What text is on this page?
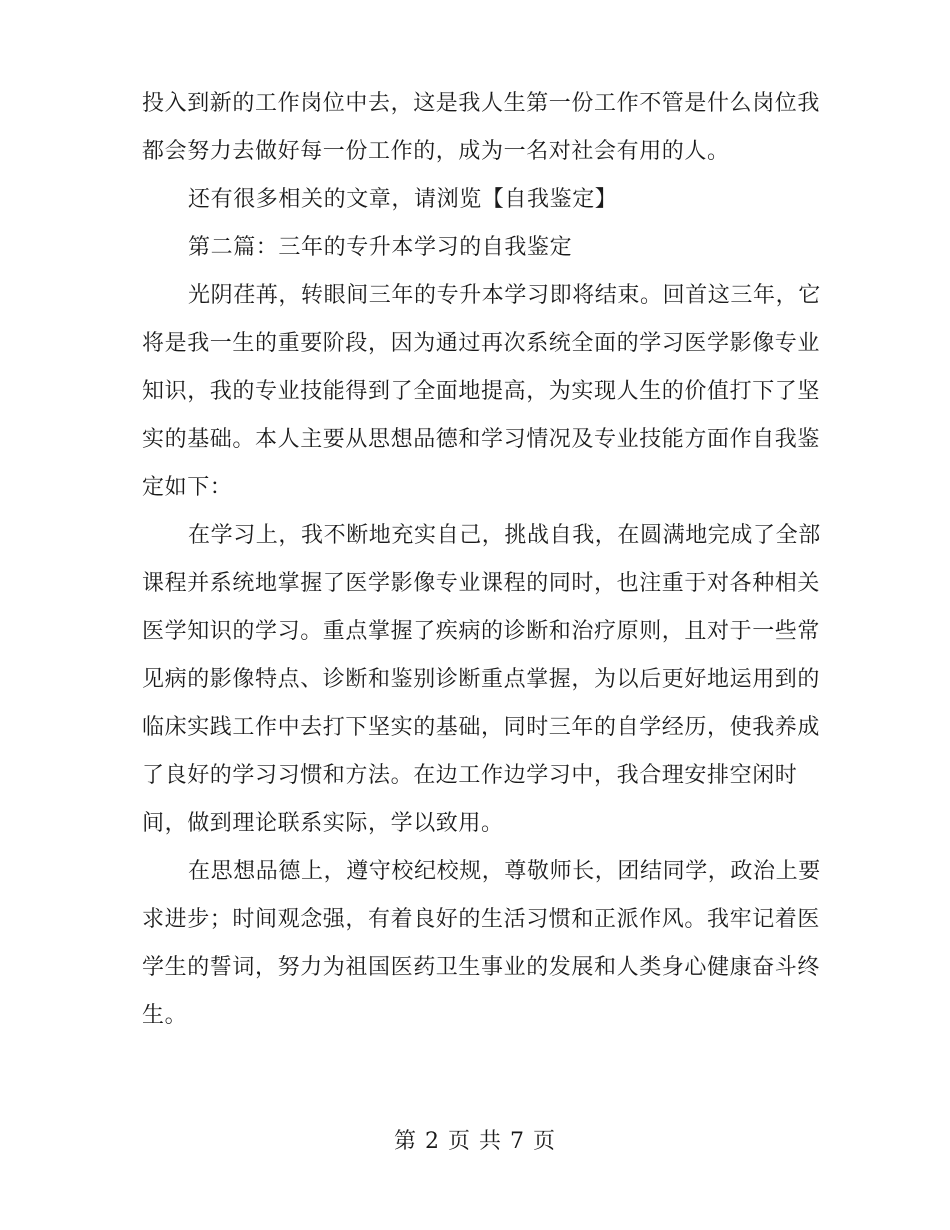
投入到新的工作岗位中去，这是我人生第一份工作不管是什么岗位我
都会努力去做好每一份工作的，成为一名对社会有用的人。
还有很多相关的文章，请浏览【自我鉴定】
第二篇：三年的专升本学习的自我鉴定
光阴荏苒，转眼间三年的专升本学习即将结束。回首这三年，它
将是我一生的重要阶段，因为通过再次系统全面的学习医学影像专业
知识，我的专业技能得到了全面地提高，为实现人生的价值打下了坚
实的基础。本人主要从思想品德和学习情况及专业技能方面作自我鉴
定如下：
在学习上，我不断地充实自己，挑战自我，在圆满地完成了全部
课程并系统地掌握了医学影像专业课程的同时，也注重于对各种相关
医学知识的学习。重点掌握了疾病的诊断和治疗原则，且对于一些常
见病的影像特点、诊断和鉴别诊断重点掌握，为以后更好地运用到的
临床实践工作中去打下坚实的基础，同时三年的自学经历，使我养成
了良好的学习习惯和方法。在边工作边学习中，我合理安排空闲时
间，做到理论联系实际，学以致用。
在思想品德上，遵守校纪校规，尊敬师长，团结同学，政治上要
求进步；时间观念强，有着良好的生活习惯和正派作风。我牢记着医
学生的誓词，努力为祖国医药卫生事业的发展和人类身心健康奋斗终
生。
第 2 页 共 7 页
